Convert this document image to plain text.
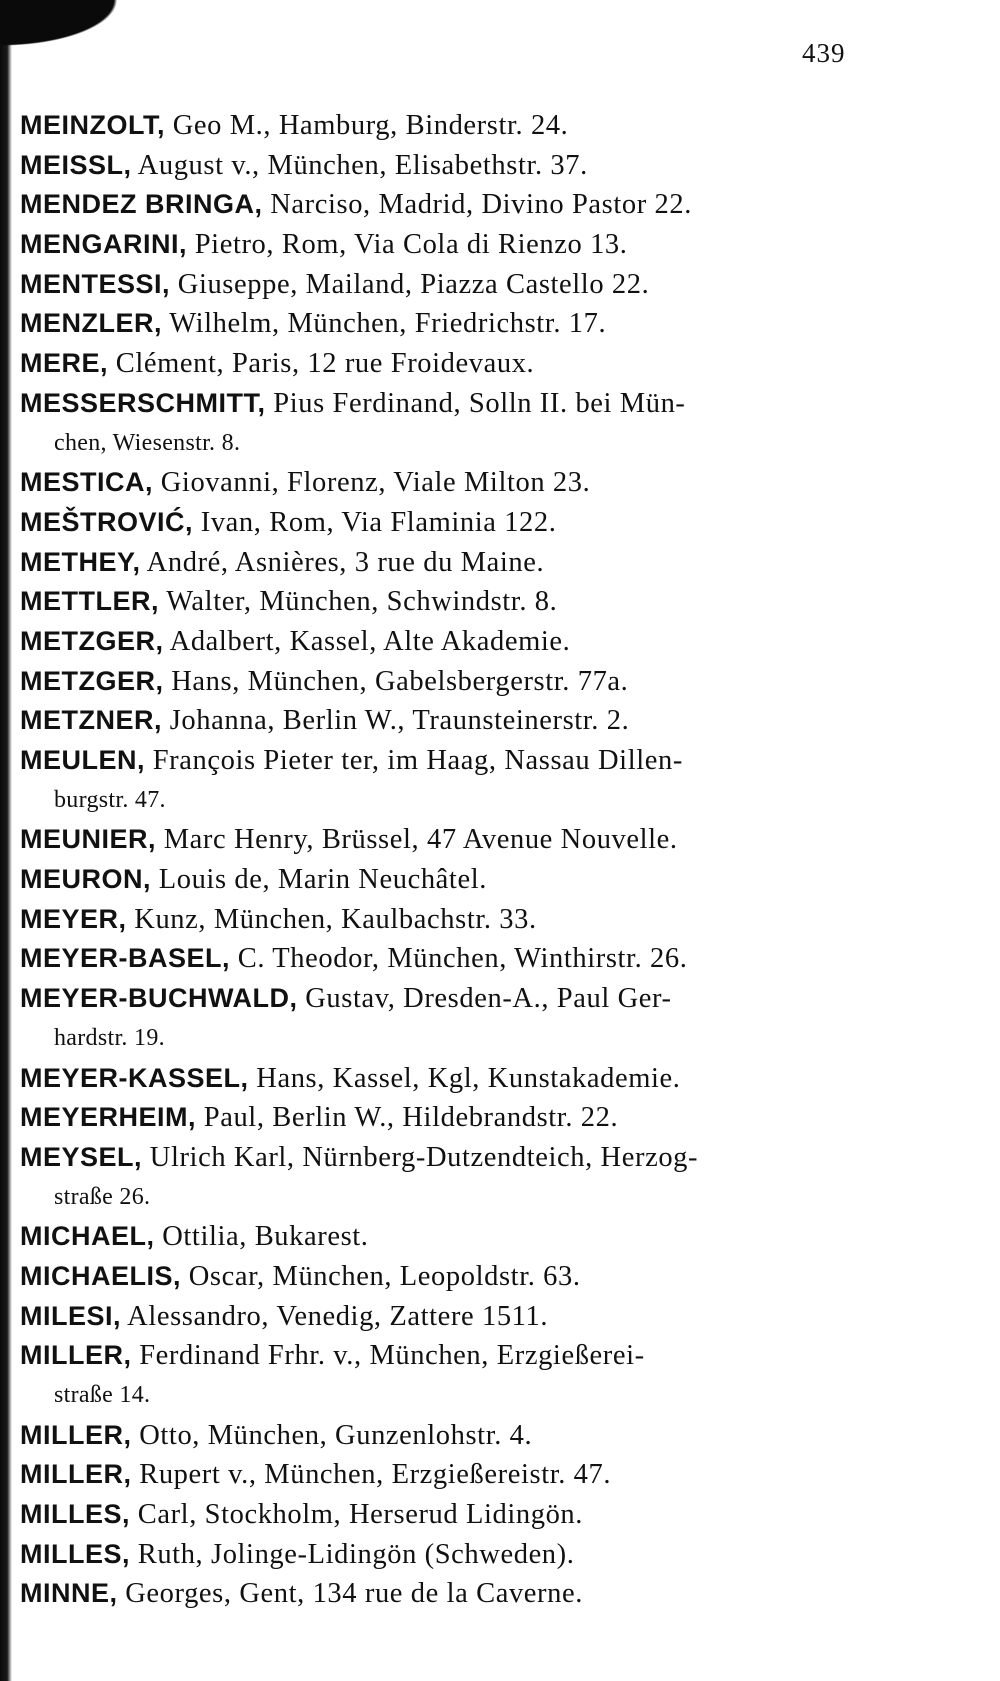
439
MEINZOLT, Geo M., Hamburg, Binderstr. 24.
MEISSL, August v., München, Elisabethstr. 37.
MENDEZ BRINGA, Narciso, Madrid, Divino Pastor 22.
MENGARINI, Pietro, Rom, Via Cola di Rienzo 13.
MENTESSI, Giuseppe, Mailand, Piazza Castello 22.
MENZLER, Wilhelm, München, Friedrichstr. 17.
MERE, Clément, Paris, 12 rue Froidevaux.
MESSERSCHMITT, Pius Ferdinand, Solln II. bei Mün-
chen, Wiesenstr. 8.
MESTICA, Giovanni, Florenz, Viale Milton 23.
MEŠTROVIĆ, Ivan, Rom, Via Flaminia 122.
METHEY, André, Asnières, 3 rue du Maine.
METTLER, Walter, München, Schwindstr. 8.
METZGER, Adalbert, Kassel, Alte Akademie.
METZGER, Hans, München, Gabelsbergerstr. 77a.
METZNER, Johanna, Berlin W., Traunsteinerstr. 2.
MEULEN, François Pieter ter, im Haag, Nassau Dillen-
burgstr. 47.
MEUNIER, Marc Henry, Brüssel, 47 Avenue Nouvelle.
MEURON, Louis de, Marin Neuchâtel.
MEYER, Kunz, München, Kaulbachstr. 33.
MEYER-BASEL, C. Theodor, München, Winthirstr. 26.
MEYER-BUCHWALD, Gustav, Dresden-A., Paul Ger-
hardstr. 19.
MEYER-KASSEL, Hans, Kassel, Kgl, Kunstakademie.
MEYERHEIM, Paul, Berlin W., Hildebrandstr. 22.
MEYSEL, Ulrich Karl, Nürnberg-Dutzendteich, Herzog-
straße 26.
MICHAEL, Ottilia, Bukarest.
MICHAELIS, Oscar, München, Leopoldstr. 63.
MILESI, Alessandro, Venedig, Zattere 1511.
MILLER, Ferdinand Frhr. v., München, Erzgießerei-
straße 14.
MILLER, Otto, München, Gunzenlohstr. 4.
MILLER, Rupert v., München, Erzgießereistr. 47.
MILLES, Carl, Stockholm, Herserud Lidingön.
MILLES, Ruth, Jolinge-Lidingön (Schweden).
MINNE, Georges, Gent, 134 rue de la Caverne.
